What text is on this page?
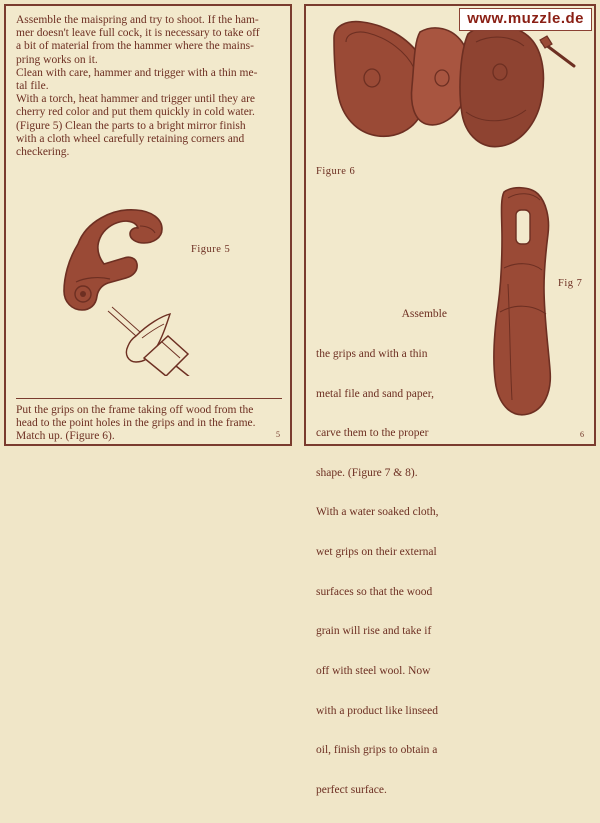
Assemble the maispring and try to shoot. If the ham-

mer doesn't leave full cock, it is necessary to take off

a bit of material from the hammer where the mains-

pring works on it.

Clean with care, hammer and trigger with a thin me-

tal file.

With a torch, heat hammer and trigger until they are

cherry red color and put them quickly in cold water.

(Figure 5) Clean the parts to a bright mirror finish

with a cloth wheel carefully retaining corners and

checkering.

Figure 5

Put the grips on the frame taking off wood from the

head to the point holes in the grips and in the frame.

Match up. (Figure 6).	5
Figure 6
Fig 7

Assemble

the grips and with a thin

metal file and sand paper,

carve them to the proper

shape. (Figure 7 & 8).

With a water soaked cloth,

wet grips on their external

surfaces so that the wood

grain will rise and take if

off with steel wool. Now

with a product like linseed

oil, finish grips to obtain a

perfect surface.

6
www.muzzle.de
